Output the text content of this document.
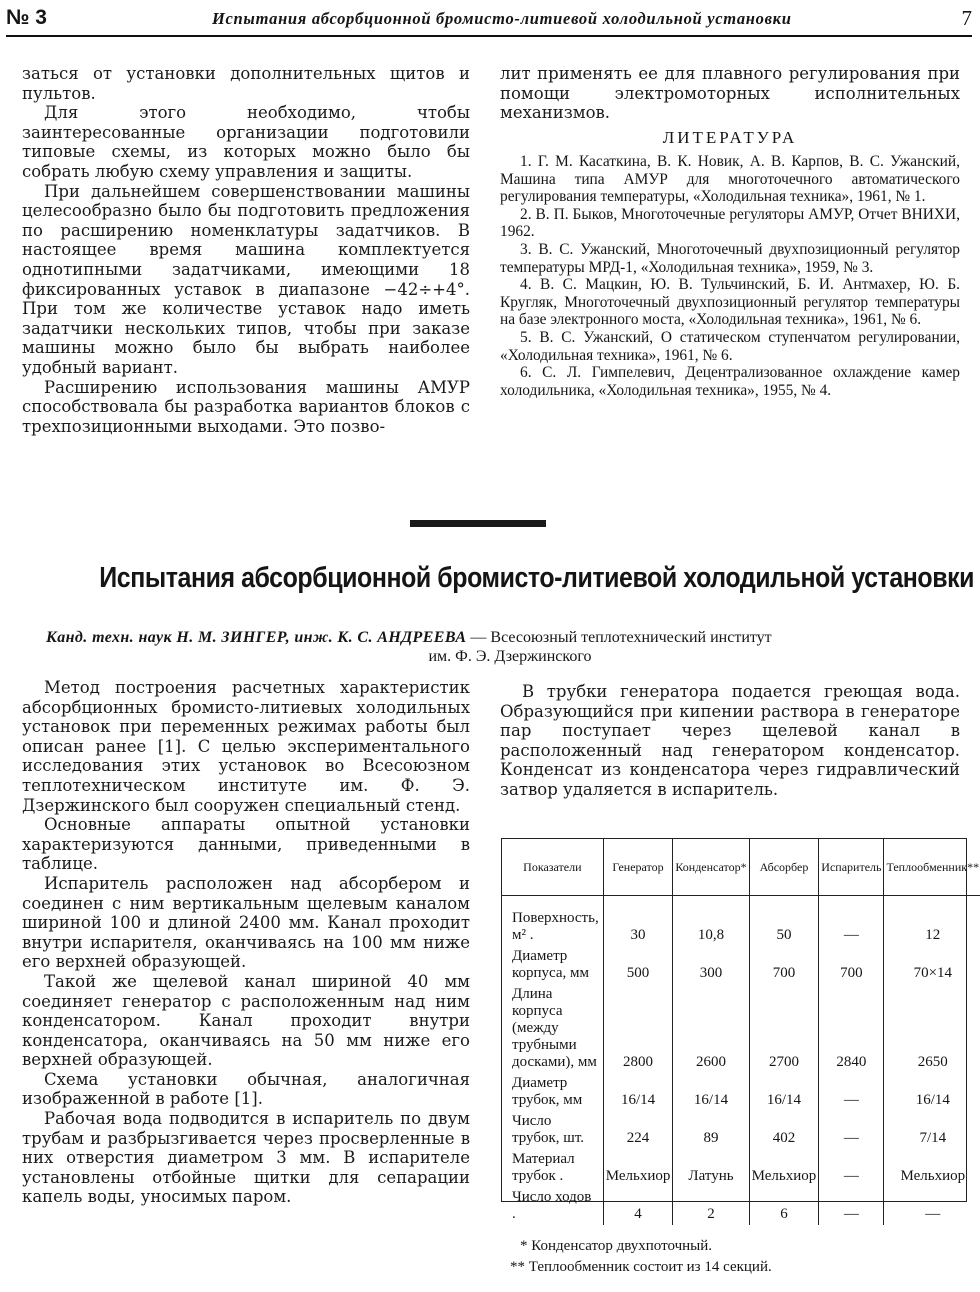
№ 3	Испытания абсорбционной бромисто-литиевой холодильной установки	7

заться от установки дополнительных щитов и пультов.

Для этого необходимо, чтобы заинтересованные организации подготовили типовые схемы, из которых можно было бы собрать любую схему управления и защиты.

При дальнейшем совершенствовании машины целесообразно было бы подготовить предложения по расширению номенклатуры задатчиков. В настоящее время машина комплектуется однотипными задатчиками, имеющими 18 фиксированных уставок в диапазоне −42÷+4°. При том же количестве уставок надо иметь задатчики нескольких типов, чтобы при заказе машины можно было бы выбрать наиболее удобный вариант.

Расширению использования машины АМУР способствовала бы разработка вариантов блоков с трехпозиционными выходами. Это позво-

лит применять ее для плавного регулирования при помощи электромоторных исполнительных механизмов.

ЛИТЕРАТУРА

1. Г. М. Касаткина, В. К. Новик, А. В. Карпов, В. С. Ужанский, Машина типа АМУР для многоточечного автоматического регулирования температуры, «Холодильная техника», 1961, № 1.

2. В. П. Быков, Многоточечные регуляторы АМУР, Отчет ВНИХИ, 1962.

3. В. С. Ужанский, Многоточечный двухпозиционный регулятор температуры МРД-1, «Холодильная техника», 1959, № 3.

4. В. С. Мацкин, Ю. В. Тульчинский, Б. И. Антмахер, Ю. Б. Кругляк, Многоточечный двухпозиционный регулятор температуры на базе электронного моста, «Холодильная техника», 1961, № 6.

5. В. С. Ужанский, О статическом ступенчатом регулировании, «Холодильная техника», 1961, № 6.

6. С. Л. Гимпелевич, Децентрализованное охлаждение камер холодильника, «Холодильная техника», 1955, № 4.

Испытания абсорбционной бромисто-литиевой холодильной установки
Канд. техн. наук Н. М. ЗИНГЕР, инж. К. С. АНДРЕЕВА — Всесоюзный теплотехнический институт
им. Ф. Э. Дзержинского

Метод построения расчетных характеристик абсорбционных бромисто-литиевых холодильных установок при переменных режимах работы был описан ранее [1]. С целью экспериментального исследования этих установок во Всесоюзном теплотехническом институте им. Ф. Э. Дзержинского был сооружен специальный стенд.

Основные аппараты опытной установки характеризуются данными, приведенными в таблице.

Испаритель расположен над абсорбером и соединен с ним вертикальным щелевым каналом шириной 100 и длиной 2400 мм. Канал проходит внутри испарителя, оканчиваясь на 100 мм ниже его верхней образующей.

Такой же щелевой канал шириной 40 мм соединяет генератор с расположенным над ним конденсатором. Канал проходит внутри конденсатора, оканчиваясь на 50 мм ниже его верхней образующей.

Схема установки обычная, аналогичная изображенной в работе [1].

Рабочая вода подводится в испаритель по двум трубам и разбрызгивается через просверленные в них отверстия диаметром 3 мм. В испарителе установлены отбойные щитки для сепарации капель воды, уносимых паром.

В трубки генератора подается греющая вода. Образующийся при кипении раствора в генераторе пар поступает через щелевой канал в расположенный над генератором конденсатор. Конденсат из конденсатора через гидравлический затвор удаляется в испаритель.

Показатели	Генератор	Конденсатор*	Абсорбер	Испаритель	Теплообменник**

Поверхность, м² .	30	10,8	50	—	12
Диаметр корпуса, мм	500	300	700	700	70×14
Длина корпуса (между трубными досками), мм	2800	2600	2700	2840	2650
Диаметр трубок, мм	16/14	16/14	16/14	—	16/14
Число трубок, шт.	224	89	402	—	7/14
Материал трубок .	Мельхиор	Латунь	Мельхиор	—	Мельхиор
Число ходов .	4	2	6	—	—
* Конденсатор двухпоточный.
** Теплообменник состоит из 14 секций.
